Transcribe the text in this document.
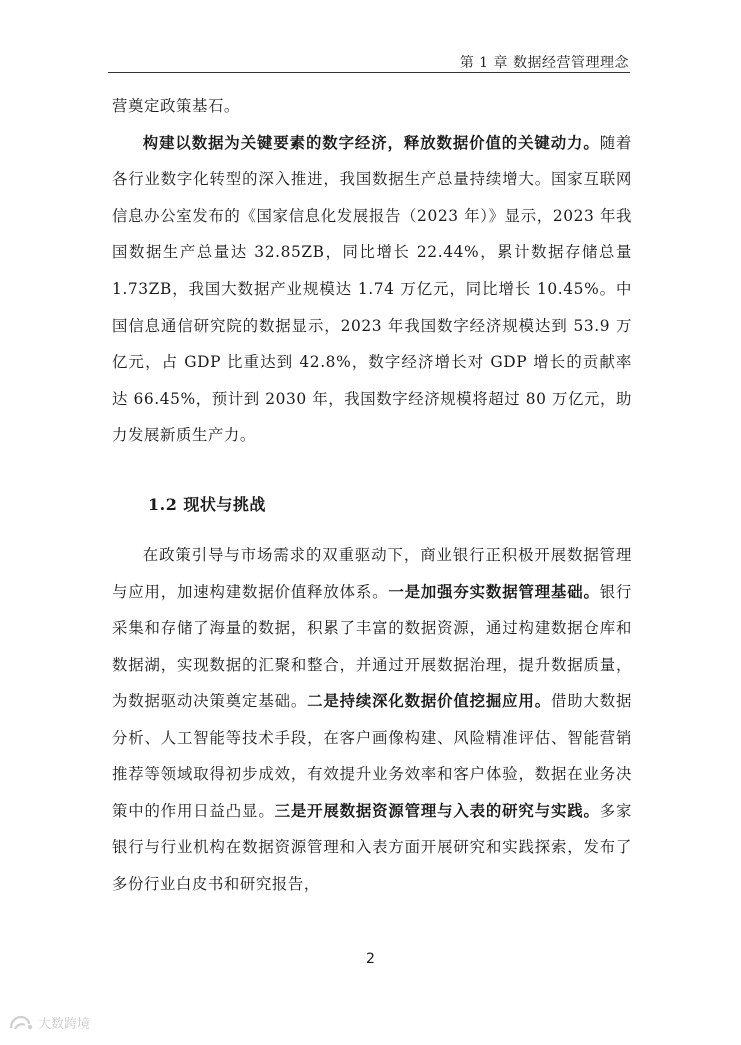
第 1 章 数据经营管理理念

营奠定政策基石。

构建以数据为关键要素的数字经济，释放数据价值的关键动力。随着各行业数字化转型的深入推进，我国数据生产总量持续增大。国家互联网信息办公室发布的《国家信息化发展报告（2023 年）》显示，2023 年我国数据生产总量达 32.85ZB，同比增长 22.44%，累计数据存储总量 1.73ZB，我国大数据产业规模达 1.74 万亿元，同比增长 10.45%。中国信息通信研究院的数据显示，2023 年我国数字经济规模达到 53.9 万亿元，占 GDP 比重达到 42.8%，数字经济增长对 GDP 增长的贡献率达 66.45%，预计到 2030 年，我国数字经济规模将超过 80 万亿元，助力发展新质生产力。

1.2 现状与挑战

在政策引导与市场需求的双重驱动下，商业银行正积极开展数据管理与应用，加速构建数据价值释放体系。一是加强夯实数据管理基础。银行采集和存储了海量的数据，积累了丰富的数据资源，通过构建数据仓库和数据湖，实现数据的汇聚和整合，并通过开展数据治理，提升数据质量，为数据驱动决策奠定基础。二是持续深化数据价值挖掘应用。借助大数据分析、人工智能等技术手段，在客户画像构建、风险精准评估、智能营销推荐等领域取得初步成效，有效提升业务效率和客户体验，数据在业务决策中的作用日益凸显。三是开展数据资源管理与入表的研究与实践。多家银行与行业机构在数据资源管理和入表方面开展研究和实践探索，发布了多份行业白皮书和研究报告，

2
大数跨境
